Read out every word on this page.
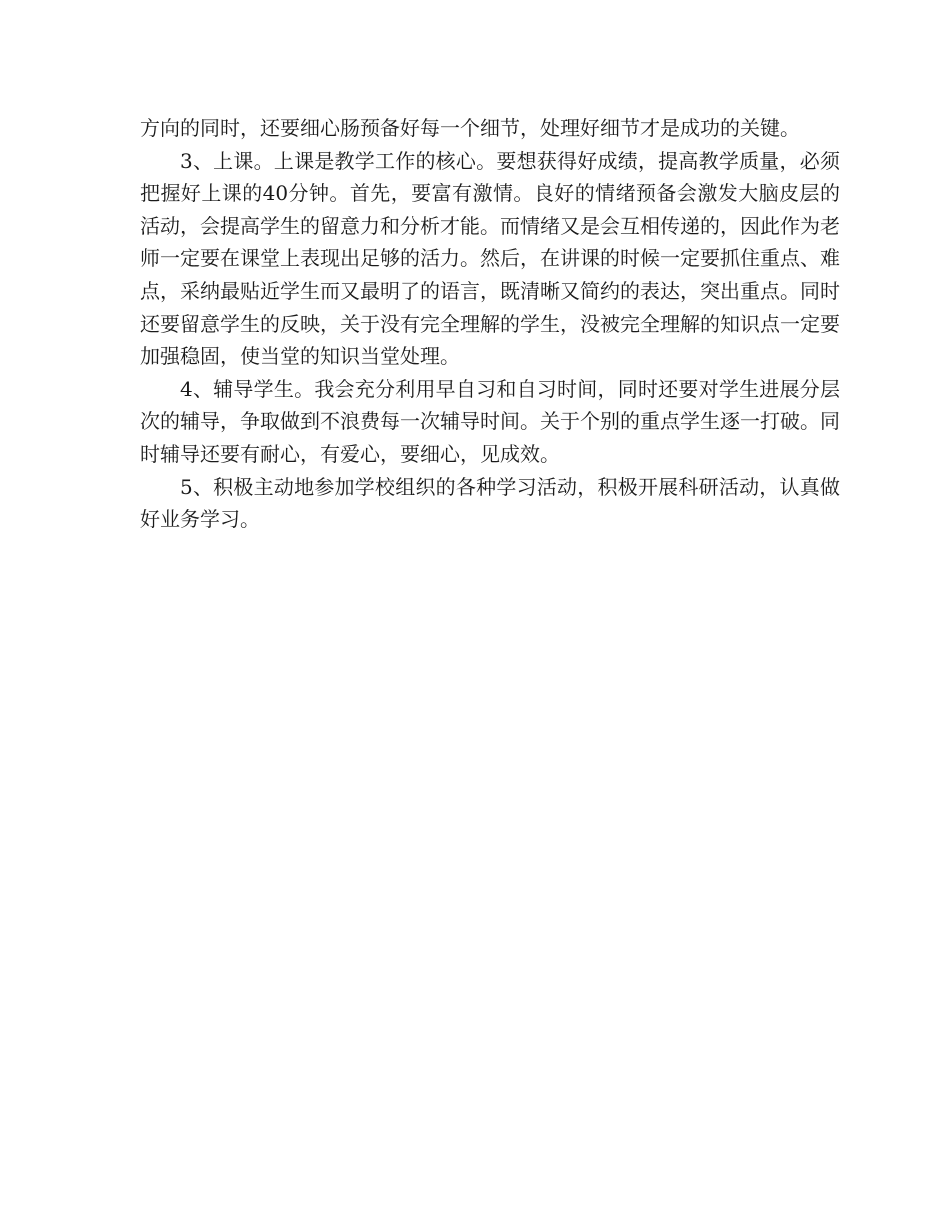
方向的同时，还要细心肠预备好每一个细节，处理好细节才是成功的关键。

3、上课。上课是教学工作的核心。要想获得好成绩，提高教学质量，必须把握好上课的40分钟。首先，要富有激情。良好的情绪预备会激发大脑皮层的活动，会提高学生的留意力和分析才能。而情绪又是会互相传递的，因此作为老师一定要在课堂上表现出足够的活力。然后，在讲课的时候一定要抓住重点、难点，采纳最贴近学生而又最明了的语言，既清晰又简约的表达，突出重点。同时还要留意学生的反映，关于没有完全理解的学生，没被完全理解的知识点一定要加强稳固，使当堂的知识当堂处理。

4、辅导学生。我会充分利用早自习和自习时间，同时还要对学生进展分层次的辅导，争取做到不浪费每一次辅导时间。关于个别的重点学生逐一打破。同时辅导还要有耐心，有爱心，要细心，见成效。

5、积极主动地参加学校组织的各种学习活动，积极开展科研活动，认真做好业务学习。
